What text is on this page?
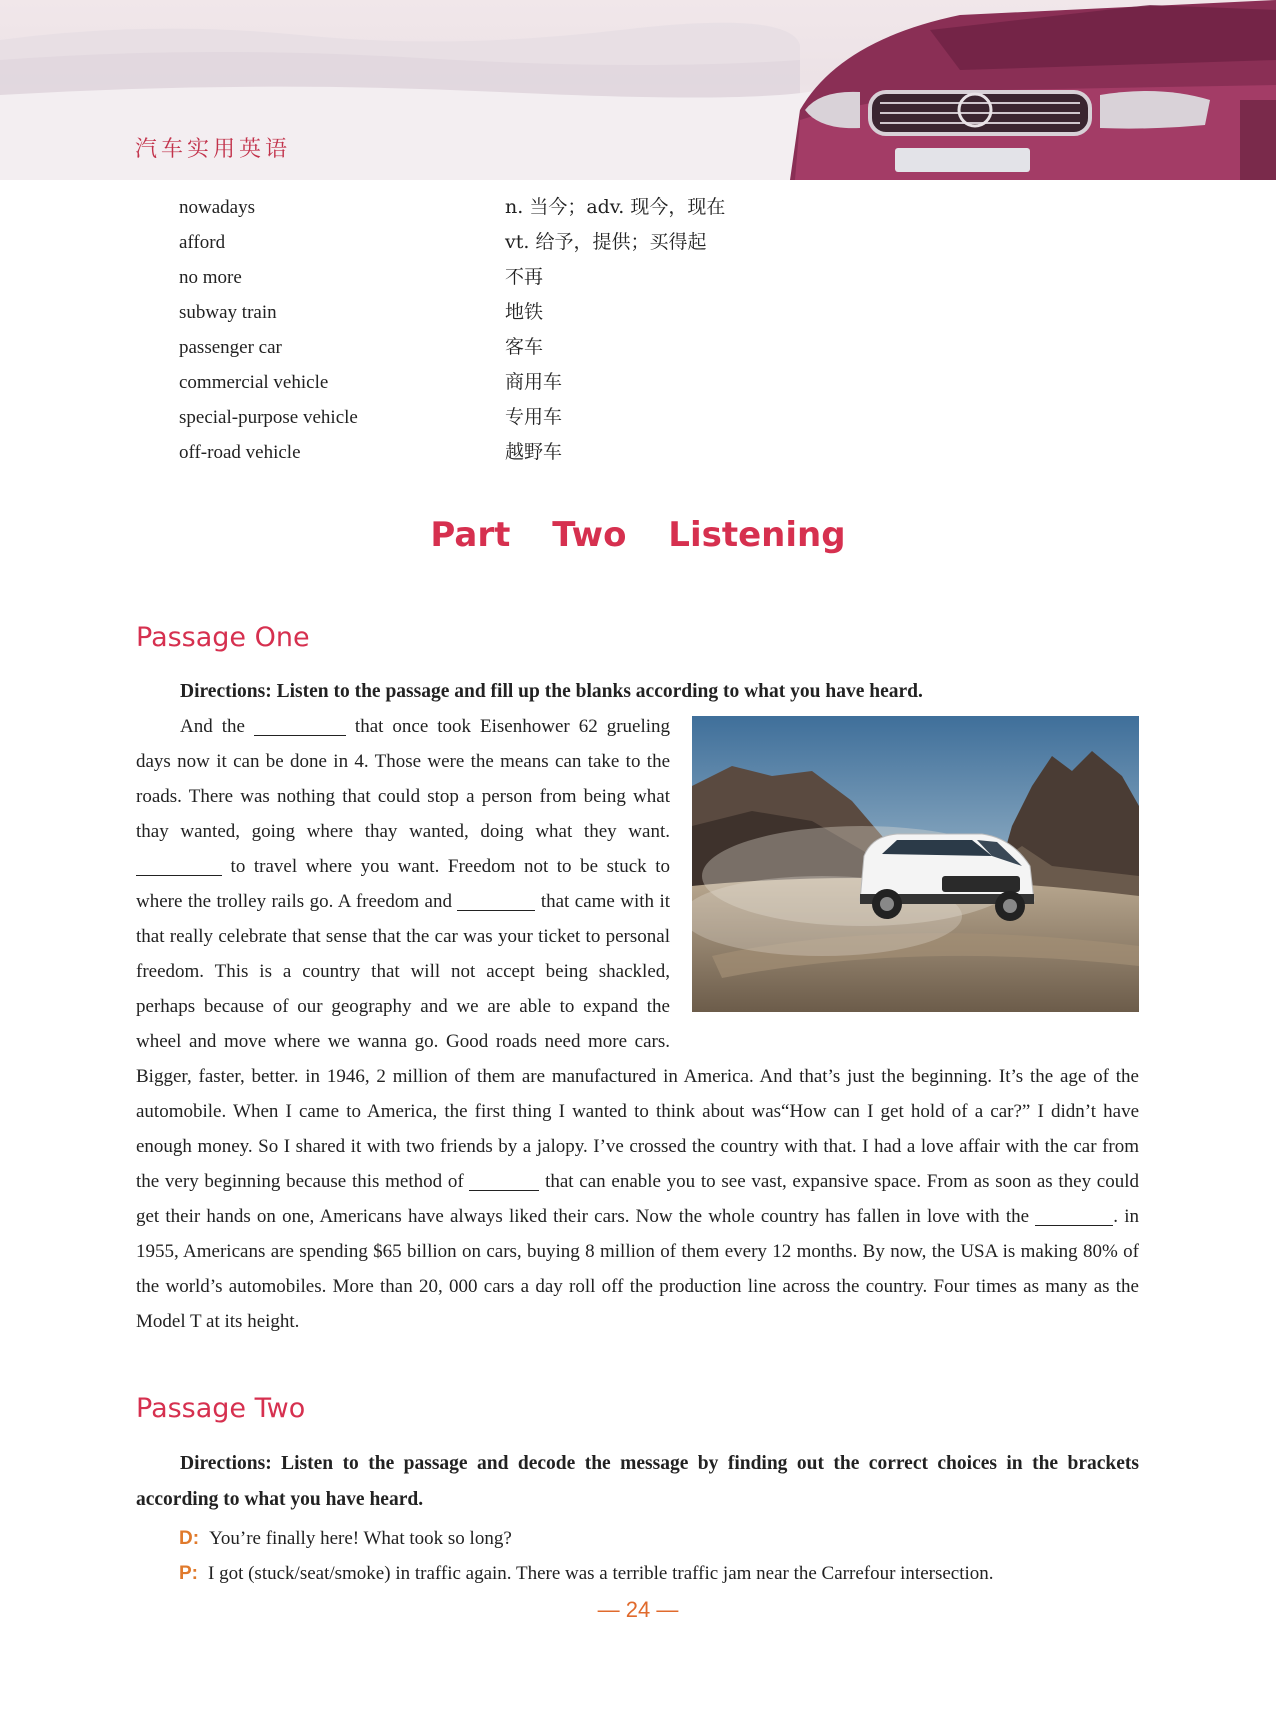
汽车实用英语
nowadays	n. 当今；adv. 现今，现在
afford	vt. 给予，提供；买得起
no more	不再
subway train	地铁
passenger car	客车
commercial vehicle	商用车
special-purpose vehicle	专用车
off-road vehicle	越野车
Part Two Listening
Passage One
Directions: Listen to the passage and fill up the blanks according to what you have heard.

And the	that once took Eisenhower 62 grueling days now it can be done in 4. Those were the means can take to the roads. There was nothing that could stop a person from being what thay wanted, going where thay wanted, doing what they want.  to travel where you want. Freedom not to be stuck to where the trolley rails go. A freedom and	that came with it that really celebrate that sense that the car was your ticket to personal freedom. This is a country that will not accept being shackled, perhaps because of our geography and we are able to expand the wheel and move where we wanna go. Good roads need more cars. Bigger, faster, better. in 1946, 2 million of them are manufactured in America. And that’s just the beginning. It’s the age of the automobile. When I came to America, the first thing I wanted to think about was“How can I get hold of a car?” I didn’t have enough money. So I shared it with two friends by a jalopy. I’ve crossed the country with that. I had a love affair with the car from the very beginning because this method of	that can enable you to see vast, expansive space. From as soon as they could get their hands on one, Americans have always liked their cars. Now the whole country has fallen in love with the	. in 1955, Americans are spending $65 billion on cars, buying 8 million of them every 12 months. By now, the USA is making 80% of the world’s automobiles. More than 20, 000 cars a day roll off the production line across the country. Four times as many as the Model T at its height.

Passage Two
Directions: Listen to the passage and decode the message by finding out the correct choices in the brackets according to what you have heard.
D: You’re finally here! What took so long?
P: I got (stuck/seat/smoke) in traffic again. There was a terrible traffic jam near the Carrefour intersection.
— 24 —
